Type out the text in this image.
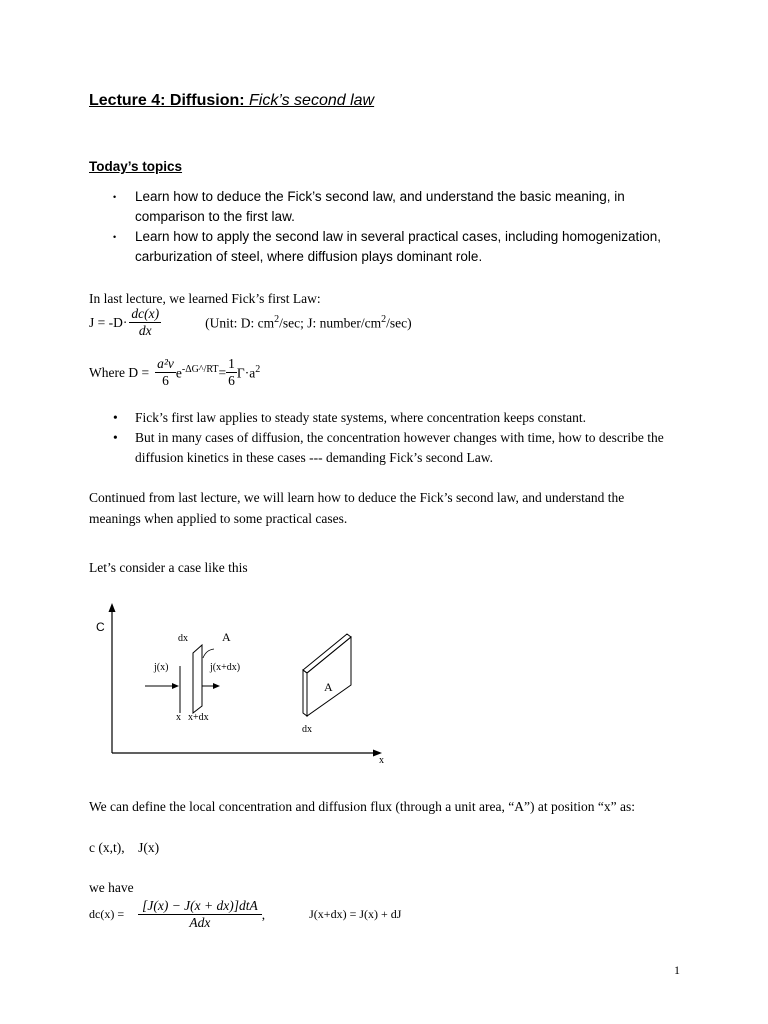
Lecture 4: Diffusion: Fick’s second law
Today’s topics
• Learn how to deduce the Fick’s second law, and understand the basic meaning, in comparison to the first law.
• Learn how to apply the second law in several practical cases, including homogenization, carburization of steel, where diffusion plays dominant role.
In last lecture, we learned Fick’s first Law:
$J = -D\cdot \frac{dc(x)}{dx}$	(Unit: D: $cm^2/\sec$; J: number/$cm^2/\sec$)
Where $D = \frac{\text{a²ν}}{6} e^{-\Delta G\^{}/RT} = \frac{1}{6} \Gamma\cdot a^2$
• Fick’s first law applies to steady state systems, where concentration keeps constant.
• But in many cases of diffusion, the concentration however changes with time, how to describe the diffusion kinetics in these cases --- demanding Fick’s second Law.
Continued from last lecture, we will learn how to deduce the Fick’s second law, and understand the meanings when applied to some practical cases.
Let’s consider a case like this
C
x
dx	A
j(x)	j(x+dx)
x x+dx
A
dx
We can define the local concentration and diffusion flux (through a unit area, “A”) at position “x” as:
c (x,t),    J(x)
we have
$dc(x) = \frac{\text{[J(x) − J(x + dx)]dtA}}{\text{Adx}}$ ,	J(x+dx) = J(x) + dJ
1
